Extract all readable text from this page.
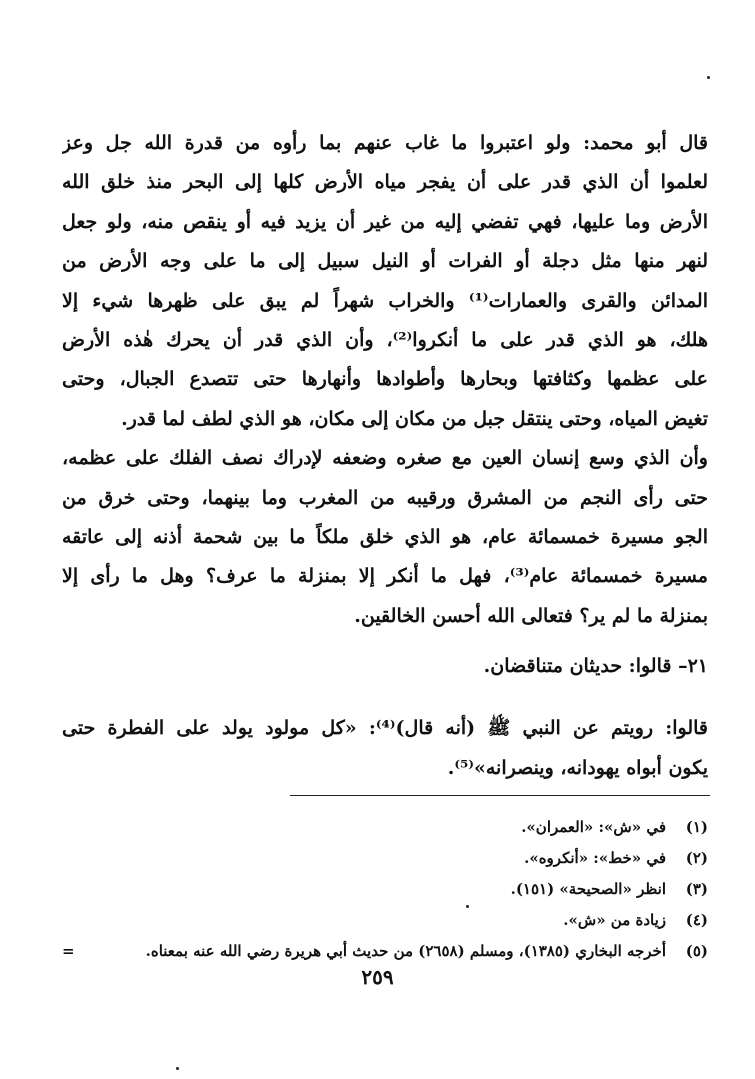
قال أبو محمد: ولو اعتبروا ما غاب عنهم بما رأوه من قدرة الله جل وعز
لعلموا أن الذي قدر على أن يفجر مياه الأرض كلها إلى البحر منذ خلق الله
الأرض وما عليها، فهي تفضي إليه من غير أن يزيد فيه أو ينقص منه، ولو جعل
لنهر منها مثل دجلة أو الفرات أو النيل سبيل إلى ما على وجه الأرض من
المدائن والقرى والعمارات⁽¹⁾ والخراب شهراً لم يبق على ظهرها شيء إلا
هلك، هو الذي قدر على ما أنكروا⁽²⁾، وأن الذي قدر أن يحرك هٰذه الأرض
على عظمها وكثافتها وبحارها وأطوادها وأنهارها حتى تتصدع الجبال، وحتى
تغيض المياه، وحتى ينتقل جبل من مكان إلى مكان، هو الذي لطف لما قدر.
وأن الذي وسع إنسان العين مع صغره وضعفه لإدراك نصف الفلك على عظمه،
حتى رأى النجم من المشرق ورقيبه من المغرب وما بينهما، وحتى خرق من
الجو مسيرة خمسمائة عام، هو الذي خلق ملكاً ما بين شحمة أذنه إلى عاتقه
مسيرة خمسمائة عام⁽³⁾، فهل ما أنكر إلا بمنزلة ما عرف؟ وهل ما رأى إلا
بمنزلة ما لم ير؟ فتعالى الله أحسن الخالقين.
٢١– قالوا: حديثان متناقضان.
قالوا: رويتم عن النبي ﷺ (أنه قال)⁽⁴⁾: «كل مولود يولد على الفطرة حتى
يكون أبواه يهودانه، وينصرانه»⁽⁵⁾.
(١)
في «ش»: «العمران».
(٢)
في «خط»: «أنكروه».
(٣)
انظر «الصحيحة» (١٥١).
(٤)
زيادة من «ش».
(٥)
أخرجه البخاري (١٣٨٥)، ومسلم (٢٦٥٨) من حديث أبي هريرة رضي الله عنه بمعناه.
=
٢٥٩
